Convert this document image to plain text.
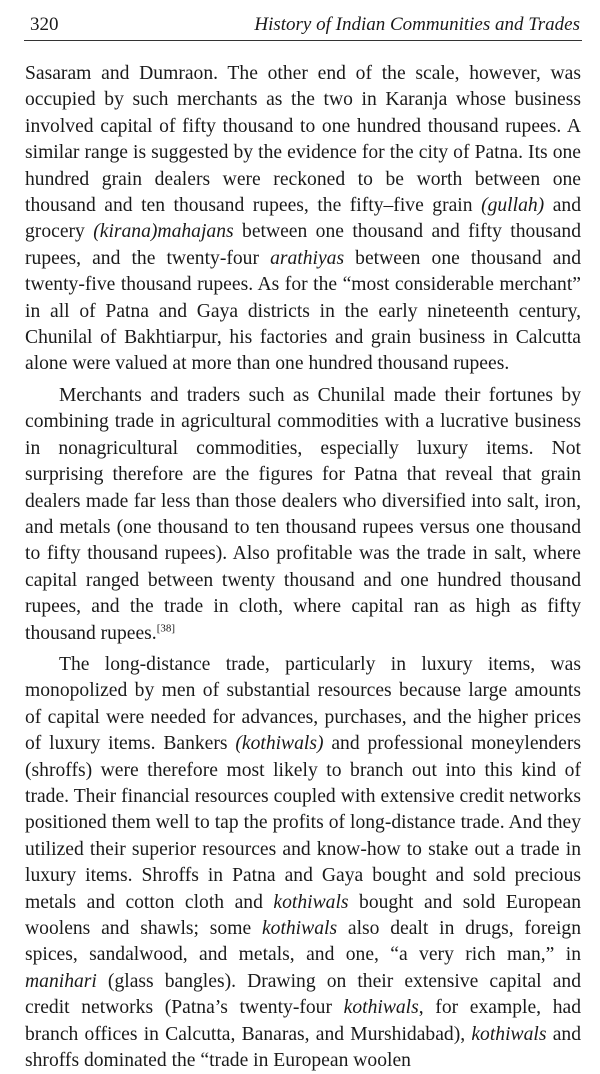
320	History of Indian Communities and Trades

Sasaram and Dumraon. The other end of the scale, however, was occupied by such merchants as the two in Karanja whose business involved capital of fifty thousand to one hundred thousand rupees. A similar range is suggested by the evidence for the city of Patna. Its one hundred grain dealers were reckoned to be worth between one thousand and ten thousand rupees, the fifty–five grain (gullah) and grocery (kirana)mahajans between one thousand and fifty thousand rupees, and the twenty-four arathiyas between one thousand and twenty-five thousand rupees. As for the “most considerable merchant” in all of Patna and Gaya districts in the early nineteenth century, Chunilal of Bakhtiarpur, his factories and grain business in Calcutta alone were valued at more than one hundred thousand rupees.

Merchants and traders such as Chunilal made their fortunes by combining trade in agricultural commodities with a lucrative business in nonagricultural commodities, especially luxury items. Not surprising therefore are the figures for Patna that reveal that grain dealers made far less than those dealers who diversified into salt, iron, and metals (one thousand to ten thousand rupees versus one thousand to fifty thousand rupees). Also profitable was the trade in salt, where capital ranged between twenty thousand and one hundred thousand rupees, and the trade in cloth, where capital ran as high as fifty thousand rupees.[38]

The long-distance trade, particularly in luxury items, was monopolized by men of substantial resources because large amounts of capital were needed for advances, purchases, and the higher prices of luxury items. Bankers (kothiwals) and professional moneylenders (shroffs) were therefore most likely to branch out into this kind of trade. Their financial resources coupled with extensive credit networks positioned them well to tap the profits of long-distance trade. And they utilized their superior resources and know-how to stake out a trade in luxury items. Shroffs in Patna and Gaya bought and sold precious metals and cotton cloth and kothiwals bought and sold European woolens and shawls; some kothiwals also dealt in drugs, foreign spices, sandalwood, and metals, and one, “a very rich man,” in manihari (glass bangles). Drawing on their extensive capital and credit networks (Patna’s twenty-four kothiwals, for example, had branch offices in Calcutta, Banaras, and Murshidabad), kothiwals and shroffs dominated the “trade in European woolen
